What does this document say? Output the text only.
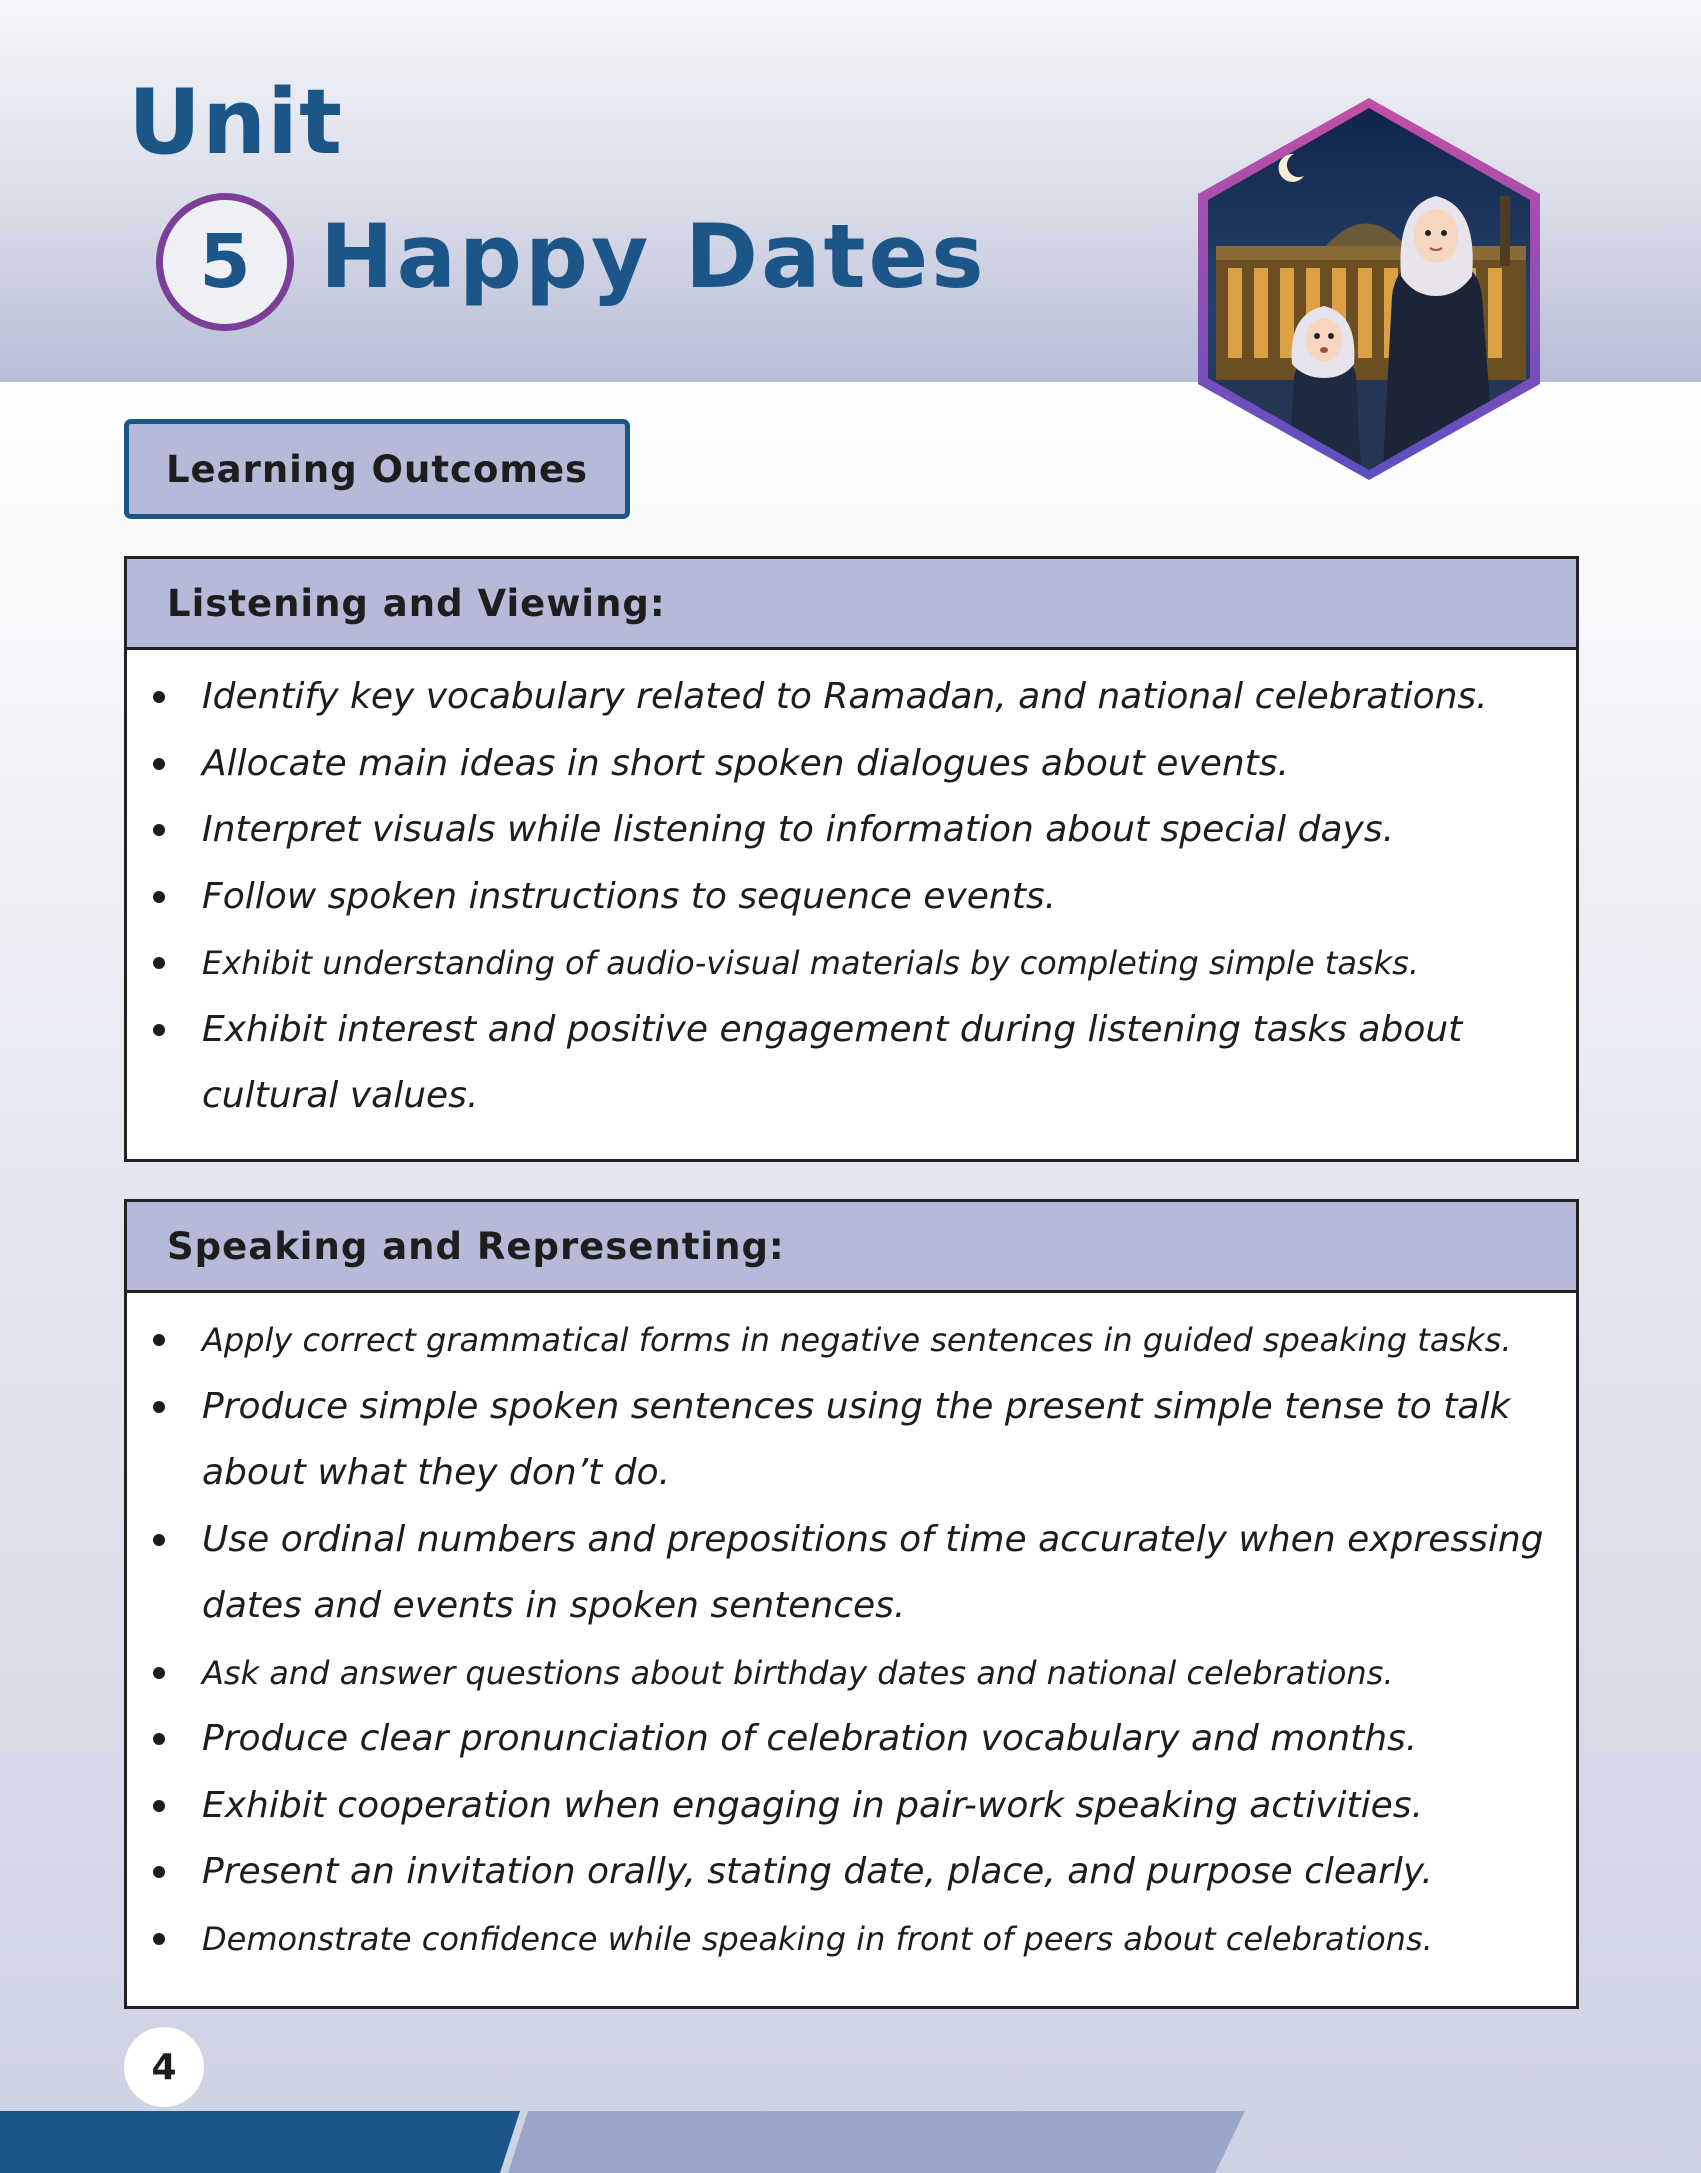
Unit
5 Happy Dates
Learning Outcomes
Listening and Viewing:
Identify key vocabulary related to Ramadan, and national celebrations.
Allocate main ideas in short spoken dialogues about events.
Interpret visuals while listening to information about special days.
Follow spoken instructions to sequence events.
Exhibit understanding of audio-visual materials by completing simple tasks.
Exhibit interest and positive engagement during listening tasks about cultural values.
Speaking and Representing:
Apply correct grammatical forms in negative sentences in guided speaking tasks.
Produce simple spoken sentences using the present simple tense to talk about what they don’t do.
Use ordinal numbers and prepositions of time accurately when expressing dates and events in spoken sentences.
Ask and answer questions about birthday dates and national celebrations.
Produce clear pronunciation of celebration vocabulary and months.
Exhibit cooperation when engaging in pair-work speaking activities.
Present an invitation orally, stating date, place, and purpose clearly.
Demonstrate confidence while speaking in front of peers about celebrations.
4
